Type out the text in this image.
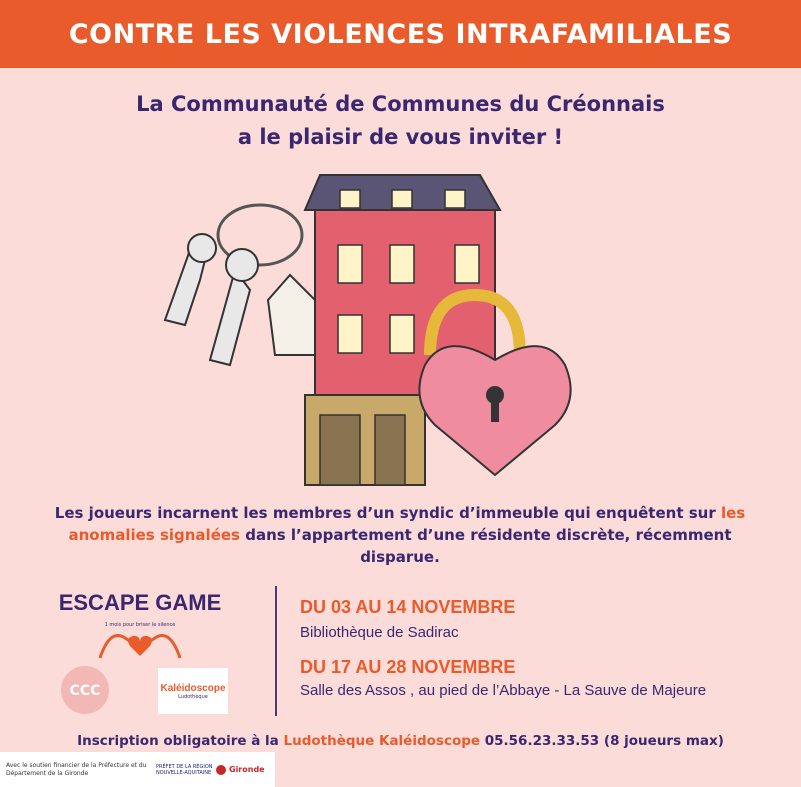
CONTRE LES VIOLENCES INTRAFAMILIALES
La Communauté de Communes du Créonnais
a le plaisir de vous inviter !
Les joueurs incarnent les membres d’un syndic d’immeuble qui enquêtent sur les anomalies signalées dans l’appartement d’une résidente discrète, récemment disparue.
ESCAPE GAME
1 mois pour briser le silence
CCC	Kaléidoscope
Ludothèque
DU 03 AU 14 NOVEMBRE
Bibliothèque de Sadirac
DU 17 AU 28 NOVEMBRE
Salle des Assos , au pied de l’Abbaye - La Sauve de Majeure
Inscription obligatoire à la Ludothèque Kaléidoscope 05.56.23.33.53 (8 joueurs max)
Avec le soutien financier de la Préfecture et du Département de la Gironde
PRÉFET DE LA RÉGION NOUVELLE-AQUITAINE	Gironde
